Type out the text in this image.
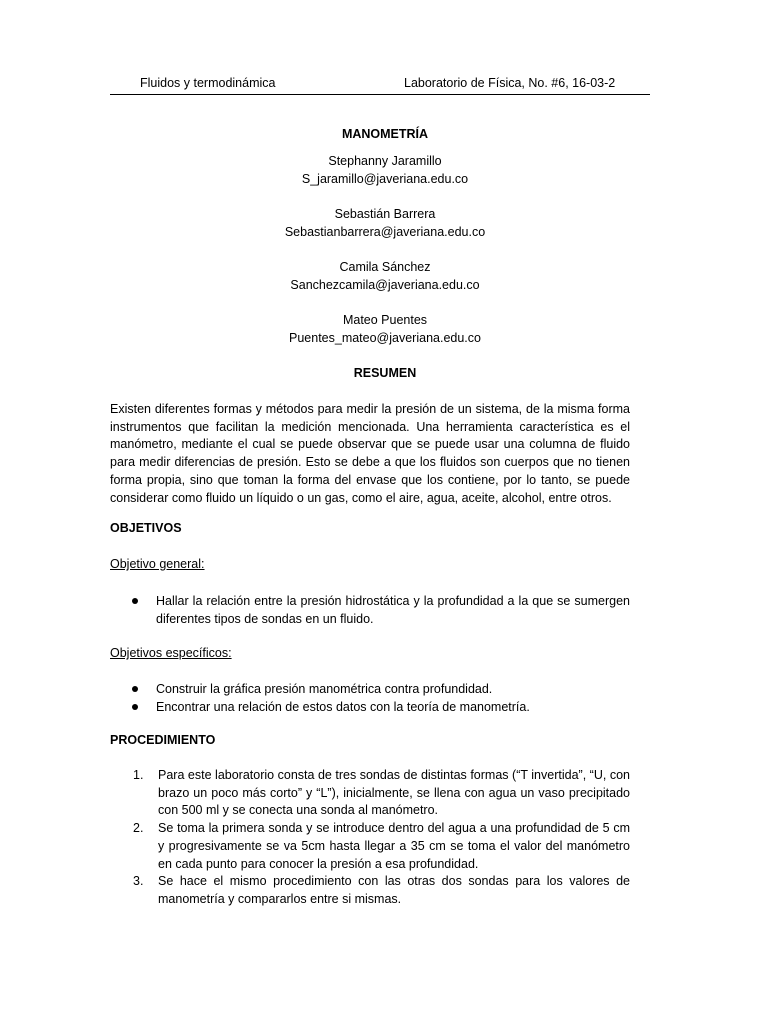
Fluidos y termodinámica	Laboratorio de Física, No. #6, 16-03-2
MANOMETRÍA
Stephanny Jaramillo
S_jaramillo@javeriana.edu.co
Sebastián Barrera
Sebastianbarrera@javeriana.edu.co
Camila Sánchez
Sanchezcamila@javeriana.edu.co
Mateo Puentes
Puentes_mateo@javeriana.edu.co
RESUMEN

Existen diferentes formas y métodos para medir la presión de un sistema, de la misma forma instrumentos que facilitan la medición mencionada. Una herramienta característica es el manómetro, mediante el cual se puede observar que se puede usar una columna de fluido para medir diferencias de presión. Esto se debe a que los fluidos son cuerpos que no tienen forma propia, sino que toman la forma del envase que los contiene, por lo tanto, se puede considerar como fluido un líquido o un gas, como el aire, agua, aceite, alcohol, entre otros.

OBJETIVOS
Objetivo general:
Hallar la relación entre la presión hidrostática y la profundidad a la que se sumergen diferentes tipos de sondas en un fluido.
Objetivos específicos:
Construir la gráfica presión manométrica contra profundidad.
Encontrar una relación de estos datos con la teoría de manometría.
PROCEDIMIENTO
1. Para este laboratorio consta de tres sondas de distintas formas (“T invertida”, “U, con brazo un poco más corto” y “L”), inicialmente, se llena con agua un vaso precipitado con 500 ml y se conecta una sonda al manómetro.
2. Se toma la primera sonda y se introduce dentro del agua a una profundidad de 5 cm y progresivamente se va 5cm hasta llegar a 35 cm se toma el valor del manómetro en cada punto para conocer la presión a esa profundidad.
3. Se hace el mismo procedimiento con las otras dos sondas para los valores de manometría y compararlos entre si mismas.
